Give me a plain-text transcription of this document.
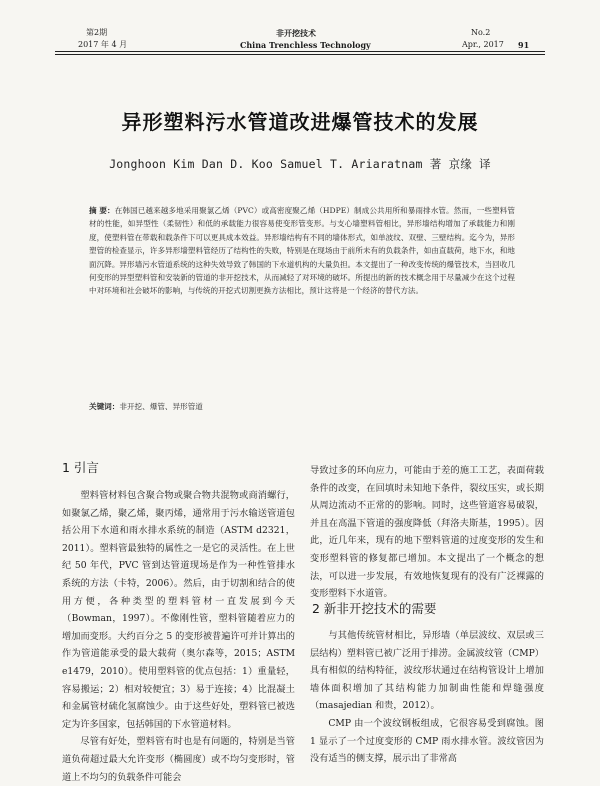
第2期	非开挖技术	No.2
2017 年 4 月	China Trenchless Technology	Apr., 2017 91
异形塑料污水管道改进爆管技术的发展
Jonghoon Kim Dan D. Koo Samuel T. Ariaratnam 著 京缘 译
摘 要：在韩国已越来越多地采用聚氯乙烯（PVC）或高密度聚乙烯（HDPE）制成公共用所和暴雨排水管。然而，一些塑料管材的性能，如异型性（柔韧性）和低的承载能力很容易使变形管变形。与支心墙塑料管相比，异形墙结构增加了承载能力和刚度，使塑料管在带载和载条件下可以更具成本效益。异形墙结构有不同的墙体形式，如单波纹、双壁、三壁结构。迄今为，异形塑管的检查显示，许多异形墙塑料管经历了结构性的失败，特别是在现场由于前所未有的负载条件，如由直载荷，地下水，和地面沉降。异形墙污水管道系统的这种失效导致了韩国的下水道机构的大量负担。本文提出了一种改变传统的爆管技术，当回收几何变形的异型塑料管和安装新的管道的非开挖技术，从而减轻了对环境的破坏。所提出的新的技术概念用于尽量减少在这个过程中对环境和社会破坏的影响，与传统的开挖式切割更换方法相比，预计这将是一个经济的替代方法。
关键词：非开挖、爆管、异形管道
1 引言

塑料管材料包含聚合物或聚合物共混物或商消螺行，如聚氯乙烯，聚乙烯，聚丙烯，通常用于污水输送管道包括公用下水道和雨水排水系统的制造（ASTM d2321，2011）。塑料管最独特的属性之一是它的灵活性。在上世纪 50 年代，PVC 管到达管道现场是作为一种性管排水系统的方法（卡特，2006）。然后，由于切割和结合的使用方便，各种类型的塑料管材一直发展到今天（Bowman，1997）。不像刚性管，塑料管随着应力的增加而变形。大约百分之 5 的变形被普遍许可并计算出的作为管道能承受的最大载荷（奥尔森等，2015；ASTM e1479，2010）。使用塑料管的优点包括：1）重量轻，容易搬运；2）相对较便宜；3）易于连接；4）比混凝土和金属管材硫化氢腐蚀少。由于这些好处，塑料管已被选定为许多国家，包括韩国的下水管道材料。

尽管有好处，塑料管有时也是有问题的，特别是当管道负荷超过最大允许变形（椭圆度）或不均匀变形时，管道上不均匀的负载条件可能会

导致过多的环向应力，可能由于差的施工工艺，表面荷载条件的改变，在回填时未知地下条件，裂纹压实，或长期从周边流动不正常的的影响。同时，这些管道容易破裂，并且在高温下管道的强度降低（拜洛夫斯基，1995）。因此，近几年来，现有的地下塑料管道的过度变形的发生和变形塑料管的修复都已增加。本文提出了一个概念的想法，可以进一步发展，有效地恢复现有的没有广泛裸露的变形塑料下水道管。

2 新非开挖技术的需要

与其他传统管材相比，异形墙（单层波纹、双层或三层结构）塑料管已被广泛用于排涝。金属波纹管（CMP）具有相似的结构特征，波纹形状通过在结构管设计上增加墙体面积增加了其结构能力加制曲性能和焊缝强度（masajedian 和贵，2012）。

CMP 由一个波纹钢板组成，它很容易受到腐蚀。图 1 显示了一个过度变形的 CMP 雨水排水管。波纹管因为没有适当的侧支撑，展示出了非常高
